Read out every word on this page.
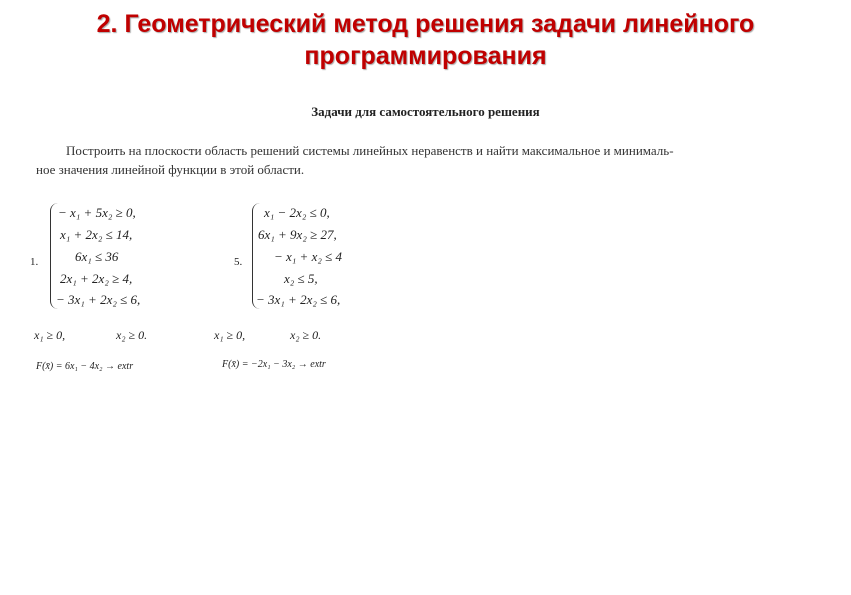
2. Геометрический метод решения задачи линейного
программирования
Задачи для самостоятельного решения
Построить на плоскости область решений системы линейных неравенств и найти максимальное и минималь-
ное значения линейной функции в этой области.
1.
− x₁ + 5x₂ ≥ 0,
x₁ + 2x₂ ≤ 14,
6x₁ ≤ 36
2x₁ + 2x₂ ≥ 4,
− 3x₁ + 2x₂ ≤ 6,
5.
x₁ − 2x₂ ≤ 0,
6x₁ + 9x₂ ≥ 27,
− x₁ + x₂ ≤ 4
x₂ ≤ 5,
− 3x₁ + 2x₂ ≤ 6,
x₁ ≥ 0,	x₂ ≥ 0.	x₁ ≥ 0,	x₂ ≥ 0.
F(x̄) = 6x₁ − 4x₂ → extr	F(x̄) = −2x₁ − 3x₂ → extr
